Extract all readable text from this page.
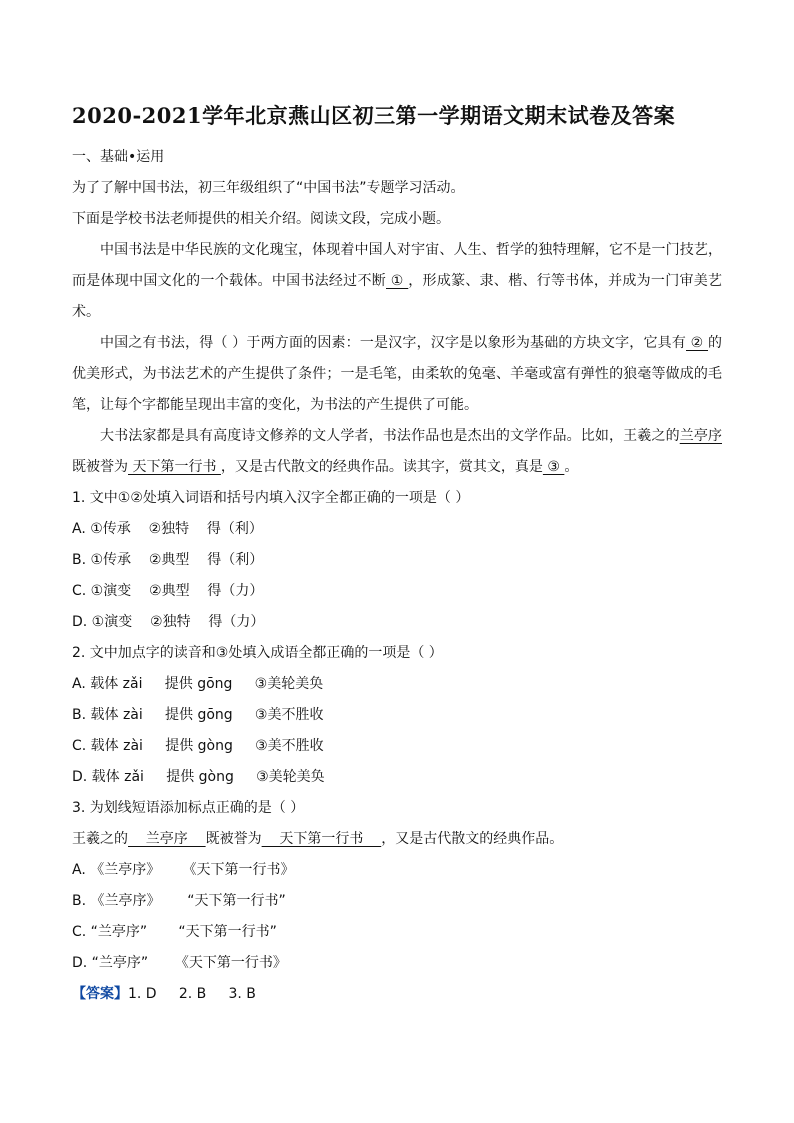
2020-2021学年北京燕山区初三第一学期语文期末试卷及答案

一、基础•运用

为了了解中国书法，初三年级组织了“中国书法”专题学习活动。

下面是学校书法老师提供的相关介绍。阅读文段，完成小题。

中国书法是中华民族的文化瑰宝，体现着中国人对宇宙、人生、哲学的独特理解，它不是一门技艺，而是体现中国文化的一个载体。中国书法经过不断 ① ，形成篆、隶、楷、行等书体，并成为一门审美艺术。

中国之有书法，得（ ）于两方面的因素：一是汉字，汉字是以象形为基础的方块文字，它具有 ② 的优美形式，为书法艺术的产生提供了条件；一是毛笔，由柔软的兔毫、羊毫或富有弹性的狼毫等做成的毛笔，让每个字都能呈现出丰富的变化，为书法的产生提供了可能。

大书法家都是具有高度诗文修养的文人学者，书法作品也是杰出的文学作品。比如，王羲之的兰亭序既被誉为 天下第一行书 ，又是古代散文的经典作品。读其字，赏其文，真是 ③ 。

1. 文中①②处填入词语和括号内填入汉字全都正确的一项是（ ）

A. ①传承    ②独特    得（利）

B. ①传承    ②典型    得（利）

C. ①演变    ②典型    得（力）

D. ①演变    ②独特    得（力）

2. 文中加点字的读音和③处填入成语全都正确的一项是（ ）

A. 载体 zǎi     提供 gōng     ③美轮美奂

B. 载体 zài     提供 gōng     ③美不胜收

C. 载体 zài     提供 gòng     ③美不胜收

D. 载体 zǎi     提供 gòng     ③美轮美奂

3. 为划线短语添加标点正确的是（ ）

王羲之的    兰亭序    既被誉为    天下第一行书    ，又是古代散文的经典作品。

A. 《兰亭序》     《天下第一行书》

B. 《兰亭序》      “天下第一行书”

C. “兰亭序”       “天下第一行书”

D. “兰亭序”      《天下第一行书》

【答案】1. D     2. B     3. B
